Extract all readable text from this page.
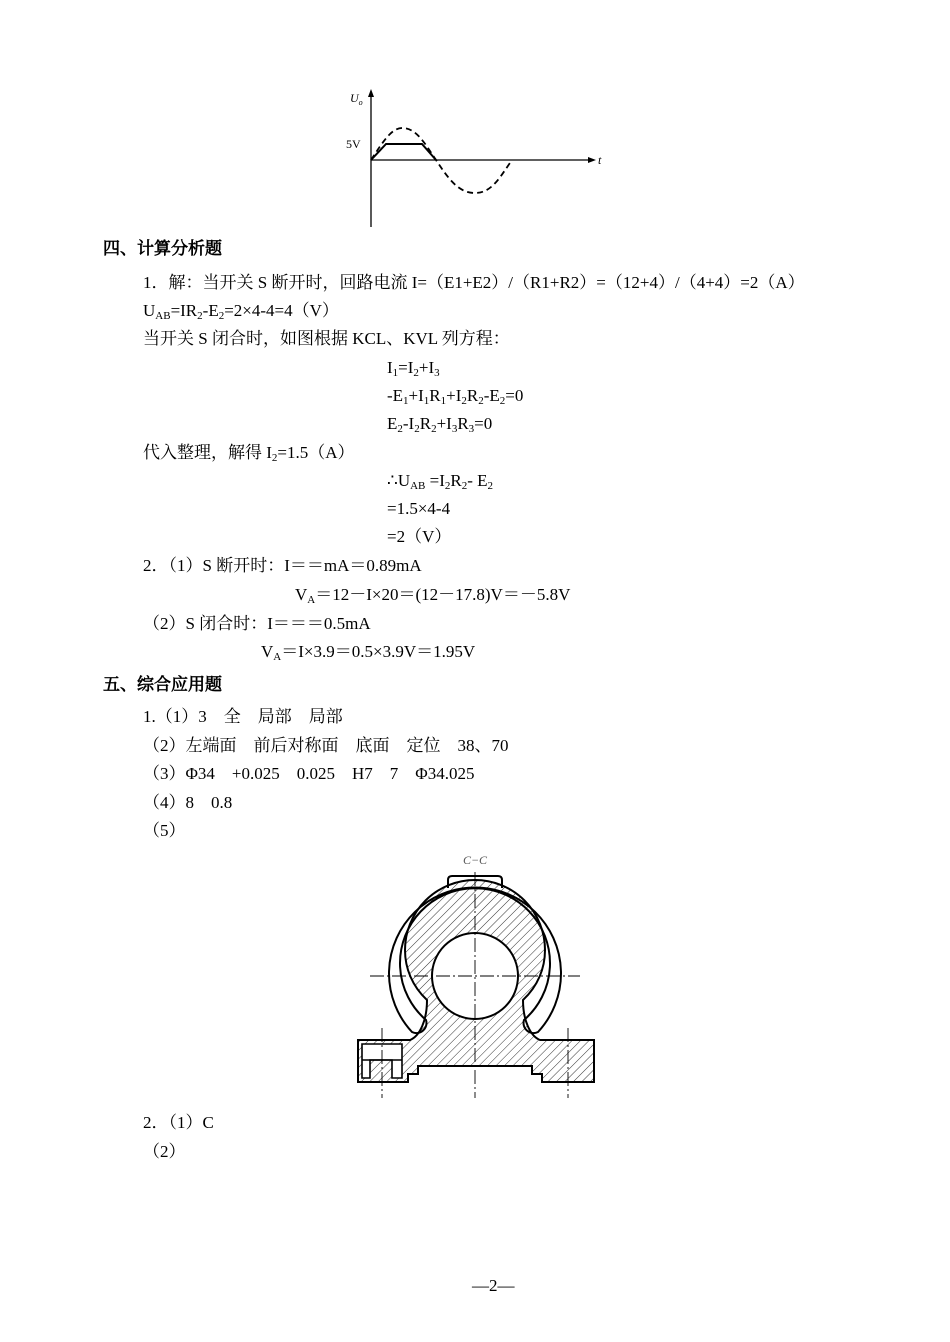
$U_o$
5V
t
四、计算分析题
1．解：当开关 S 断开时，回路电流 I=（E1+E2）/（R1+R2）=（12+4）/（4+4）=2（A）
$U_{AB}=IR_2-E_2=2\times 4-4=4(V)$
当开关 S 闭合时，如图根据 KCL、KVL 列方程：
$I_1=I_2+I_3$
$-E_1+I_1R_1+I_2R_2-E_2=0$
$E_2-I_2R_2+I_3R_3=0$
代入整理，解得 $I_2=1.5(A)$
$\therefore U_{AB} =I_2R_2-$ $E_2$
=1.5×4-4
=2（V）
2．（1）S 断开时：I＝＝mA＝0.89mA
$V_A=12-I\times 20=(12-17.8)V=-5.8V$
（2）S 闭合时：I＝＝＝0.5mA
$V_A=I\times 3.9=0.5\times 3.9V=1.95V$
五、综合应用题
1.（1）3　全　局部　局部
（2）左端面　前后对称面　底面　定位　38、70
（3）Φ34　+0.025　0.025　H7　7　Φ34.025
（4）8　0.8
（5）
C−C
2．（1）C
（2）
—2—
